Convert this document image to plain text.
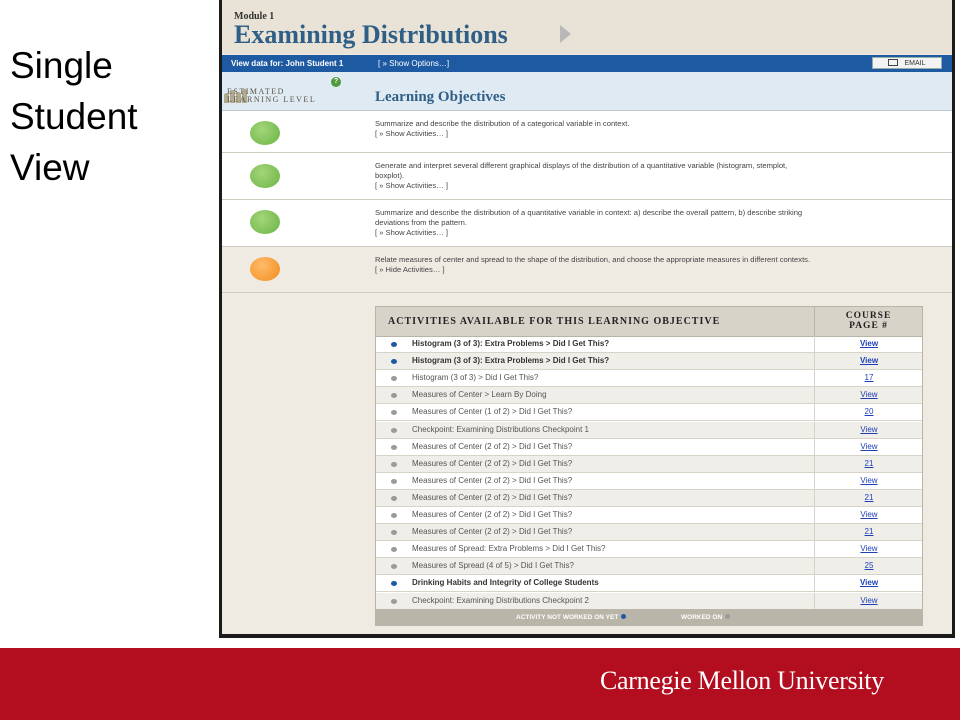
Single
Student
View
Module 1
Examining Distributions
View data for: John Student 1	[ » Show Options…]	EMAIL
ESTIMATED
LEARNING LEVEL
?
Learning Objectives
Summarize and describe the distribution of a categorical variable in context.
[ » Show Activities… ]
Generate and interpret several different graphical displays of the distribution of a quantitative variable (histogram, stemplot, boxplot).
[ » Show Activities… ]
Summarize and describe the distribution of a quantitative variable in context: a) describe the overall pattern, b) describe striking deviations from the pattern.
[ » Show Activities… ]
Relate measures of center and spread to the shape of the distribution, and choose the appropriate measures in different contexts.
[ » Hide Activities… ]
ACTIVITIES AVAILABLE FOR THIS LEARNING OBJECTIVE	COURSE
PAGE #
Histogram (3 of 3): Extra Problems > Did I Get This?	View
Histogram (3 of 3): Extra Problems > Did I Get This?	View
Histogram (3 of 3) > Did I Get This?	17
Measures of Center > Learn By Doing	View
Measures of Center (1 of 2) > Did I Get This?	20
Checkpoint: Examining Distributions Checkpoint 1	View
Measures of Center (2 of 2) > Did I Get This?	View
Measures of Center (2 of 2) > Did I Get This?	21
Measures of Center (2 of 2) > Did I Get This?	View
Measures of Center (2 of 2) > Did I Get This?	21
Measures of Center (2 of 2) > Did I Get This?	View
Measures of Center (2 of 2) > Did I Get This?	21
Measures of Spread: Extra Problems > Did I Get This?	View
Measures of Spread (4 of 5) > Did I Get This?	25
Drinking Habits and Integrity of College Students	View
Checkpoint: Examining Distributions Checkpoint 2	View
ACTIVITY NOT WORKED ON YET	WORKED ON
Carnegie Mellon University
